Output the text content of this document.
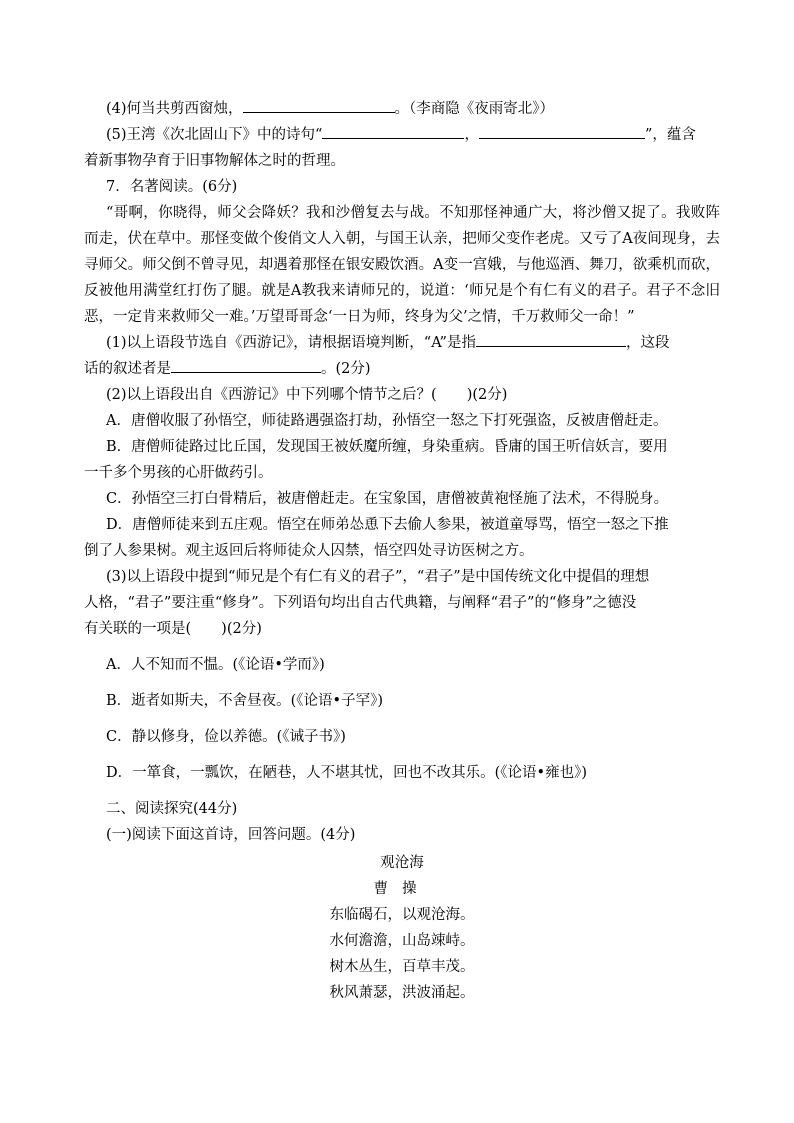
(4)何当共剪西窗烛，	。（李商隐《夜雨寄北》）

(5)王湾《次北固山下》中的诗句“	，	”，蕴含

着新事物孕育于旧事物解体之时的哲理。

7．名著阅读。(6分)

“哥啊，你晓得，师父会降妖？我和沙僧复去与战。不知那怪神通广大，将沙僧又捉了。我败阵而走，伏在草中。那怪变做个俊俏文人入朝，与国王认亲，把师父变作老虎。又亏了A夜间现身，去寻师父。师父倒不曾寻见，却遇着那怪在银安殿饮酒。A变一宫娥，与他巡酒、舞刀，欲乘机而砍，反被他用满堂红打伤了腿。就是A教我来请师兄的，说道：‘师兄是个有仁有义的君子。君子不念旧恶，一定肯来救师父一难。’万望哥哥念‘一日为师，终身为父’之情，千万救师父一命！”

(1)以上语段节选自《西游记》，请根据语境判断，“A”是指	，这段

话的叙述者是	。(2分)

(2)以上语段出自《西游记》中下列哪个情节之后？( )(2分)

A．唐僧收服了孙悟空，师徒路遇强盗打劫，孙悟空一怒之下打死强盗，反被唐僧赶走。

B．唐僧师徒路过比丘国，发现国王被妖魔所缠，身染重病。昏庸的国王听信妖言，要用

一千多个男孩的心肝做药引。

C．孙悟空三打白骨精后，被唐僧赶走。在宝象国，唐僧被黄袍怪施了法术，不得脱身。

D．唐僧师徒来到五庄观。悟空在师弟怂恿下去偷人参果，被道童辱骂，悟空一怒之下推

倒了人参果树。观主返回后将师徒众人囚禁，悟空四处寻访医树之方。

(3)以上语段中提到“师兄是个有仁有义的君子”，“君子”是中国传统文化中提倡的理想

人格，“君子”要注重“修身”。下列语句均出自古代典籍，与阐释“君子”的“修身”之德没

有关联的一项是( )(2分)

A．人不知而不愠。(《论语•学而》)

B．逝者如斯夫，不舍昼夜。(《论语•子罕》)

C．静以修身，俭以养德。(《诫子书》)

D．一箪食，一瓢饮，在陋巷，人不堪其忧，回也不改其乐。(《论语•雍也》)

二、阅读探究(44分)

(一)阅读下面这首诗，回答问题。(4分)

观沧海

曹操

东临碣石，以观沧海。

水何澹澹，山岛竦峙。

树木丛生，百草丰茂。

秋风萧瑟，洪波涌起。
